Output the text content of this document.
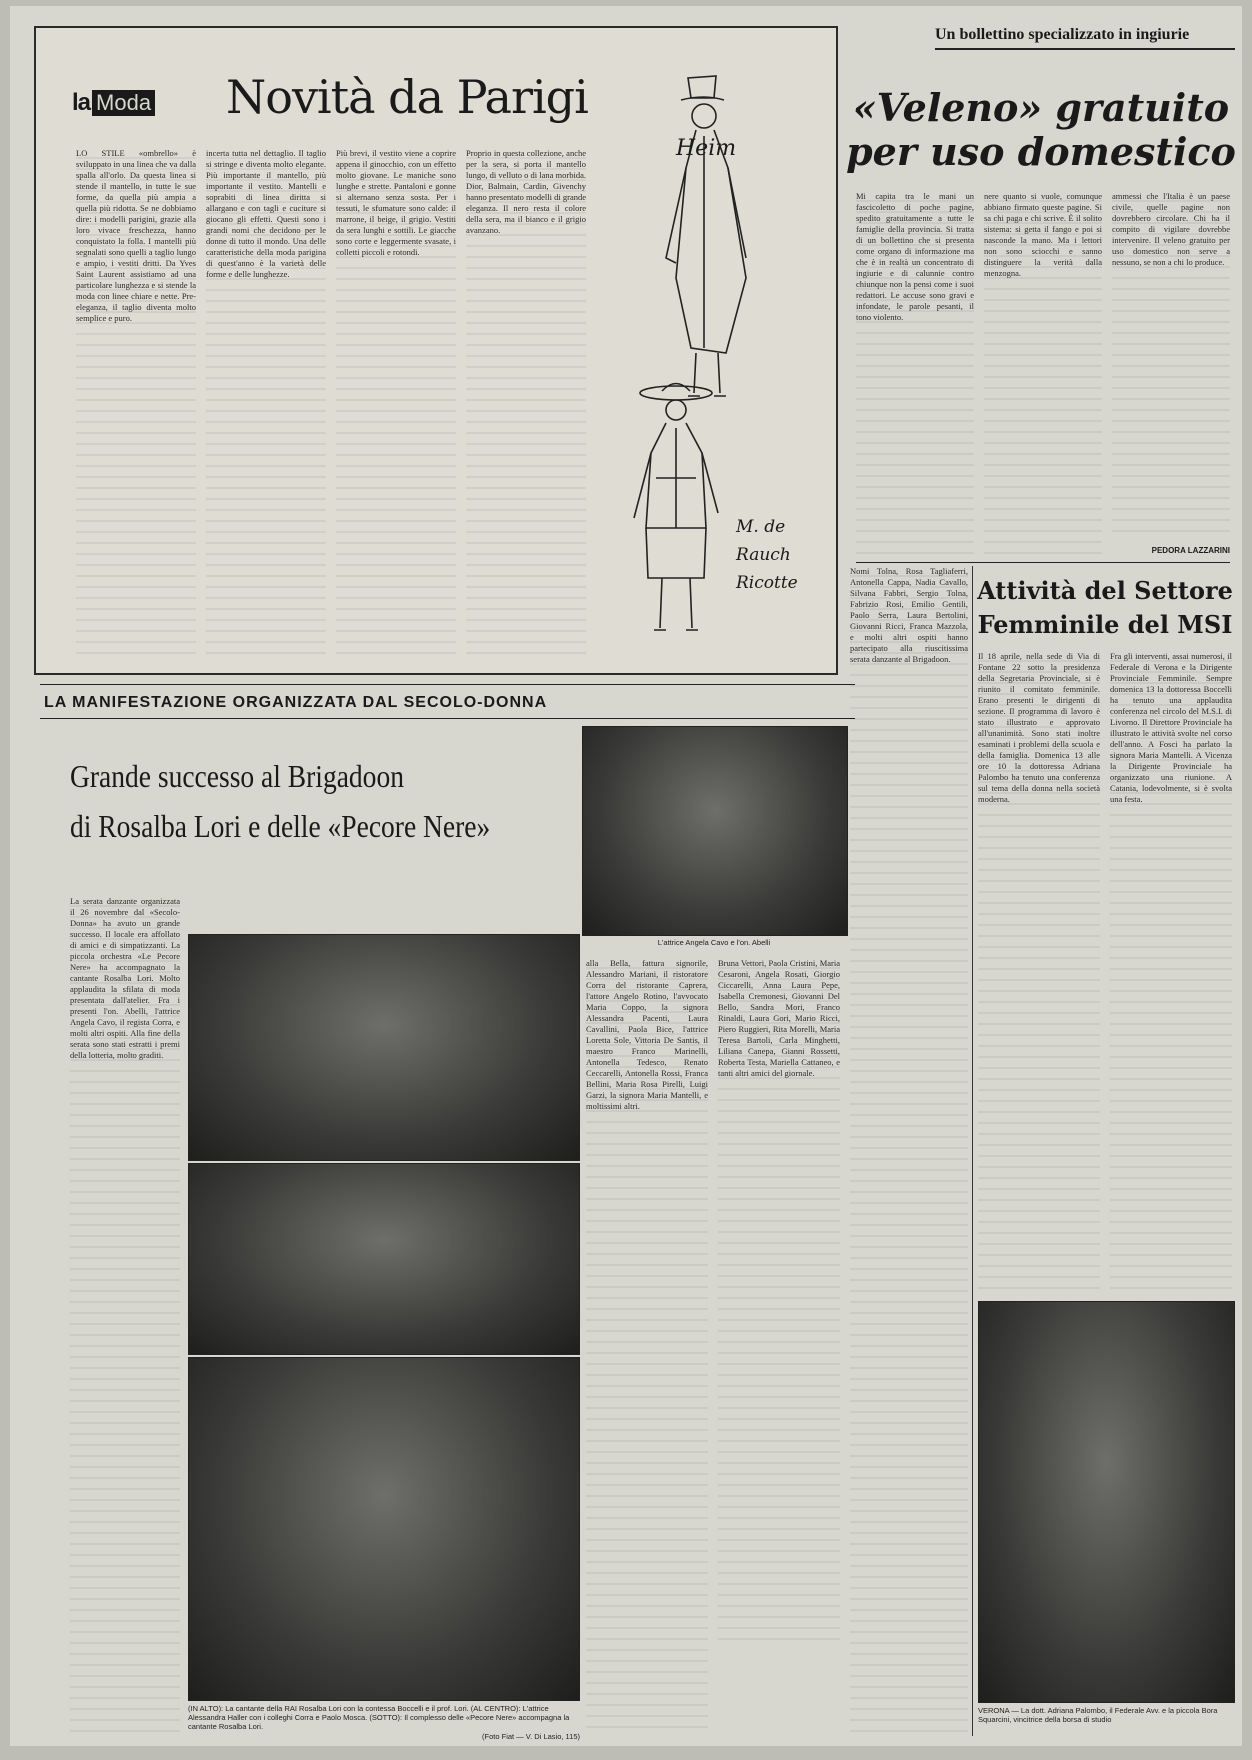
Un bollettino specializzato in ingiurie
la Moda Novità da Parigi
LO STILE «ombrello» è sviluppato in una linea che va dalla spalla all'orlo. Da questa linea si stende il mantello, in tutte le sue forme, da quella più ampia a quella più ridotta. Se ne dobbiamo dire: i modelli parigini, grazie alla loro vivace freschezza, hanno conquistato la folla. I mantelli più segnalati sono quelli a taglio lungo e ampio, i vestiti dritti. Da Yves Saint Laurent assistiamo ad una particolare lunghezza e si stende la moda con linee chiare e nette. Pre-eleganza, il taglio diventa molto semplice e puro.
incerta tutta nel dettaglio. Il taglio si stringe e diventa molto elegante. Più importante il mantello, più importante il vestito. Mantelli e soprabiti di linea diritta si allargano e con tagli e cuciture si giocano gli effetti. Questi sono i grandi nomi che decidono per le donne di tutto il mondo. Una delle caratteristiche della moda parigina di quest'anno è la varietà delle forme e delle lunghezze.
Più brevi, il vestito viene a coprire appena il ginocchio, con un effetto molto giovane. Le maniche sono lunghe e strette. Pantaloni e gonne si alternano senza sosta. Per i tessuti, le sfumature sono calde: il marrone, il beige, il grigio. Vestiti da sera lunghi e sottili. Le giacche sono corte e leggermente svasate, i colletti piccoli e rotondi.
Proprio in questa collezione, anche per la sera, si porta il mantello lungo, di velluto o di lana morbida. Dior, Balmain, Cardin, Givenchy hanno presentato modelli di grande eleganza. Il nero resta il colore della sera, ma il bianco e il grigio avanzano.
Heim
M. de Rauch Ricotte
«Veleno» gratuito
per uso domestico
Mi capita tra le mani un fascicoletto di poche pagine, spedito gratuitamente a tutte le famiglie della provincia. Si tratta di un bollettino che si presenta come organo di informazione ma che è in realtà un concentrato di ingiurie e di calunnie contro chiunque non la pensi come i suoi redattori. Le accuse sono gravi e infondate, le parole pesanti, il tono violento.
nere quanto si vuole, comunque abbiano firmato queste pagine. Si sa chi paga e chi scrive. È il solito sistema: si getta il fango e poi si nasconde la mano. Ma i lettori non sono sciocchi e sanno distinguere la verità dalla menzogna.
ammessi che l'Italia è un paese civile, quelle pagine non dovrebbero circolare. Chi ha il compito di vigilare dovrebbe intervenire. Il veleno gratuito per uso domestico non serve a nessuno, se non a chi lo produce.
PEDORA LAZZARINI
Attività del Settore
Femminile del MSI
Il 18 aprile, nella sede di Via di Fontane 22 sotto la presidenza della Segretaria Provinciale, si è riunito il comitato femminile. Erano presenti le dirigenti di sezione. Il programma di lavoro è stato illustrato e approvato all'unanimità. Sono stati inoltre esaminati i problemi della scuola e della famiglia. Domenica 13 alle ore 10 la dottoressa Adriana Palombo ha tenuto una conferenza sul tema della donna nella società moderna.
Fra gli interventi, assai numerosi, il Federale di Verona e la Dirigente Provinciale Femminile. Sempre domenica 13 la dottoressa Boccelli ha tenuto una applaudita conferenza nel circolo del M.S.I. di Livorno. Il Direttore Provinciale ha illustrato le attività svolte nel corso dell'anno. A Fosci ha parlato la signora Maria Mantelli. A Vicenza la Dirigente Provinciale ha organizzato una riunione. A Catania, lodevolmente, si è svolta una festa.
VERONA — La dott. Adriana Palombo, il Federale Avv. e la piccola Bora Squarcini, vincitrice della borsa di studio
LA MANIFESTAZIONE ORGANIZZATA DAL SECOLO-DONNA
Grande successo al Brigadoon
di Rosalba Lori e delle «Pecore Nere»
L'attrice Angela Cavo e l'on. Abelli
La serata danzante organizzata il 26 novembre dal «Secolo-Donna» ha avuto un grande successo. Il locale era affollato di amici e di simpatizzanti. La piccola orchestra «Le Pecore Nere» ha accompagnato la cantante Rosalba Lori. Molto applaudita la sfilata di moda presentata dall'atelier. Fra i presenti l'on. Abelli, l'attrice Angela Cavo, il regista Corra, e molti altri ospiti. Alla fine della serata sono stati estratti i premi della lotteria, molto graditi.
(IN ALTO): La cantante della RAI Rosalba Lori con la contessa Boccelli e il prof. Lori. (AL CENTRO): L'attrice Alessandra Haller con i colleghi Corra e Paolo Mosca. (SOTTO): Il complesso delle «Pecore Nere» accompagna la cantante Rosalba Lori.
(Foto Fiat — V. Di Lasio, 115)
alla Bella, fattura signorile, Alessandro Mariani, il ristoratore Corra del ristorante Caprera, l'attore Angelo Rotino, l'avvocato Maria Coppo, la signora Alessandra Pacenti, Laura Cavallini, Paola Bice, l'attrice Loretta Sole, Vittoria De Santis, il maestro Franco Marinelli, Antonella Tedesco, Renato Ceccarelli, Antonella Rossi, Franca Bellini, Maria Rosa Pirelli, Luigi Garzi, la signora Maria Mantelli, e moltissimi altri.
Bruna Vettori, Paola Cristini, Maria Cesaroni, Angela Rosati, Giorgio Ciccarelli, Anna Laura Pepe, Isabella Cremonesi, Giovanni Del Bello, Sandra Mori, Franco Rinaldi, Laura Gori, Mario Ricci, Piero Ruggieri, Rita Morelli, Maria Teresa Bartoli, Carla Minghetti, Liliana Canepa, Gianni Rossetti, Roberta Testa, Mariella Cattaneo, e tanti altri amici del giornale.
Nomi Tolna, Rosa Tagliaferri, Antonella Cappa, Nadia Cavallo, Silvana Fabbri, Sergio Tolna, Fabrizio Rosi, Emilio Gentili, Paolo Serra, Laura Bertolini, Giovanni Ricci, Franca Mazzola, e molti altri ospiti hanno partecipato alla riuscitissima serata danzante al Brigadoon.
